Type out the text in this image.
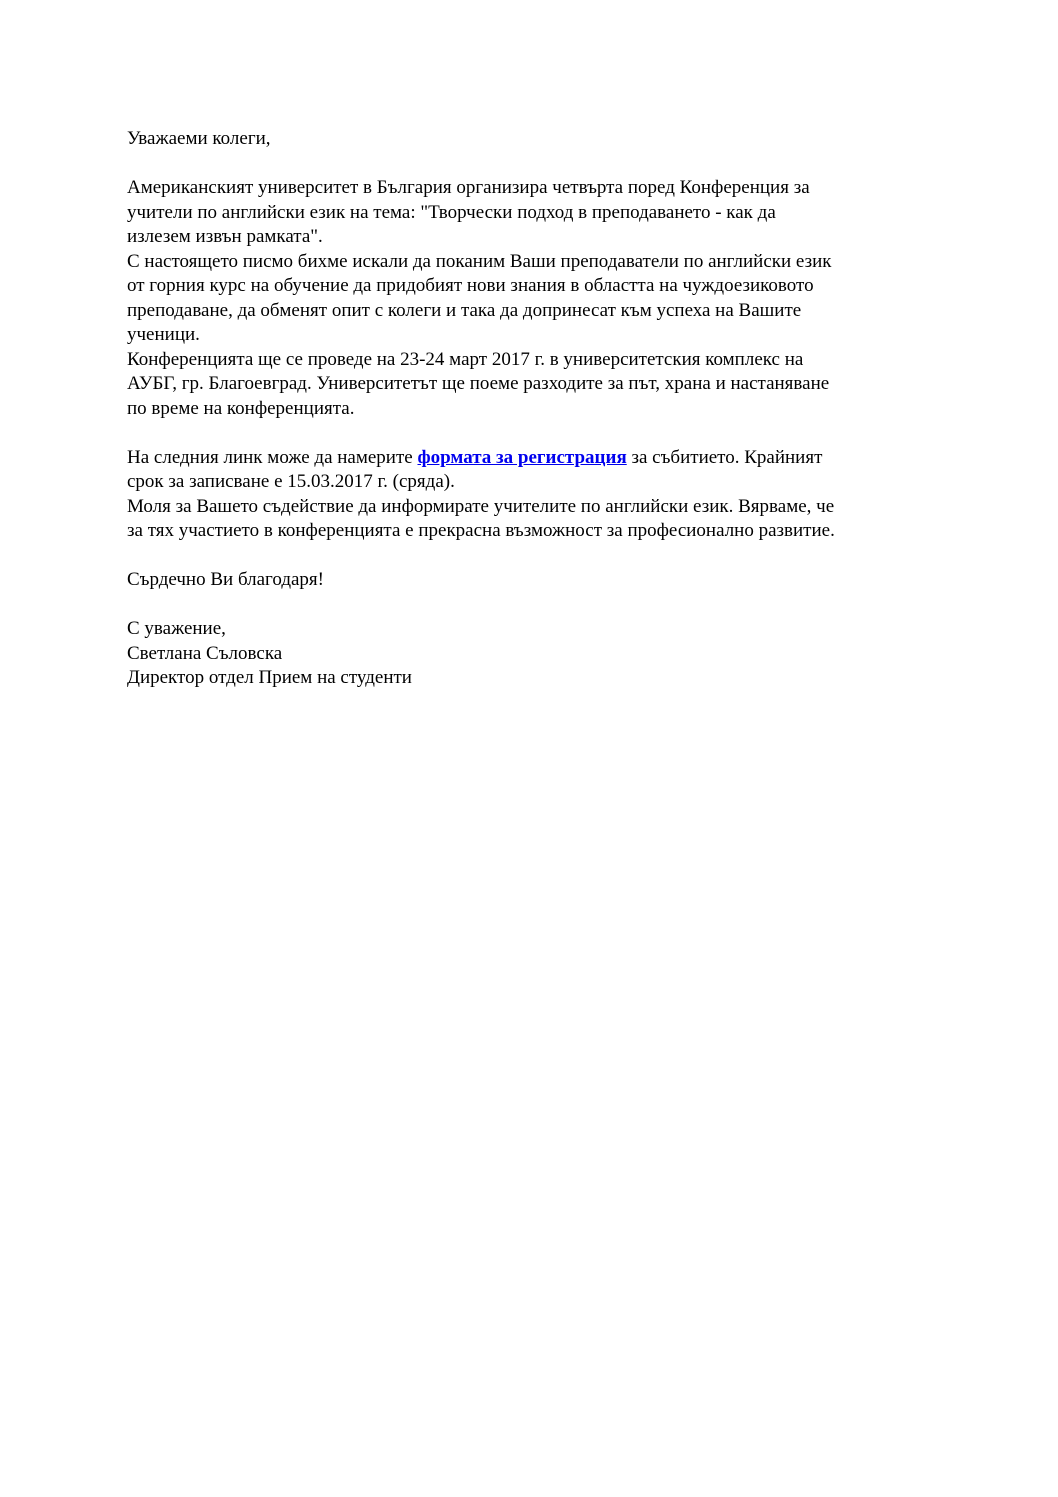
Уважаеми колеги,
Американският университет в България организира четвърта поред Конференция за
учители по английски език на тема: "Творчески подход в преподаването - как да
излезем извън рамката".
С настоящето писмо бихме искали да поканим Ваши преподаватели по английски език
от горния курс на обучение да придобият нови знания в областта на чуждоезиковото
преподаване, да обменят опит с колеги и така да допринесат към успеха на Вашите
ученици.
Конференцията ще се проведе на 23-24 март 2017 г. в университетския комплекс на
АУБГ, гр. Благоевград. Университетът ще поеме разходите за път, храна и настаняване
по време на конференцията.
На следния линк може да намерите формата за регистрация за събитието. Крайният
срок за записване е 15.03.2017 г. (сряда).
Моля за Вашето съдействие да информирате учителите по английски език. Вярваме, че
за тях участието в конференцията е прекрасна възможност за професионално развитие.
Сърдечно Ви благодаря!
С уважение,
Светлана Съловска
Директор отдел Прием на студенти
